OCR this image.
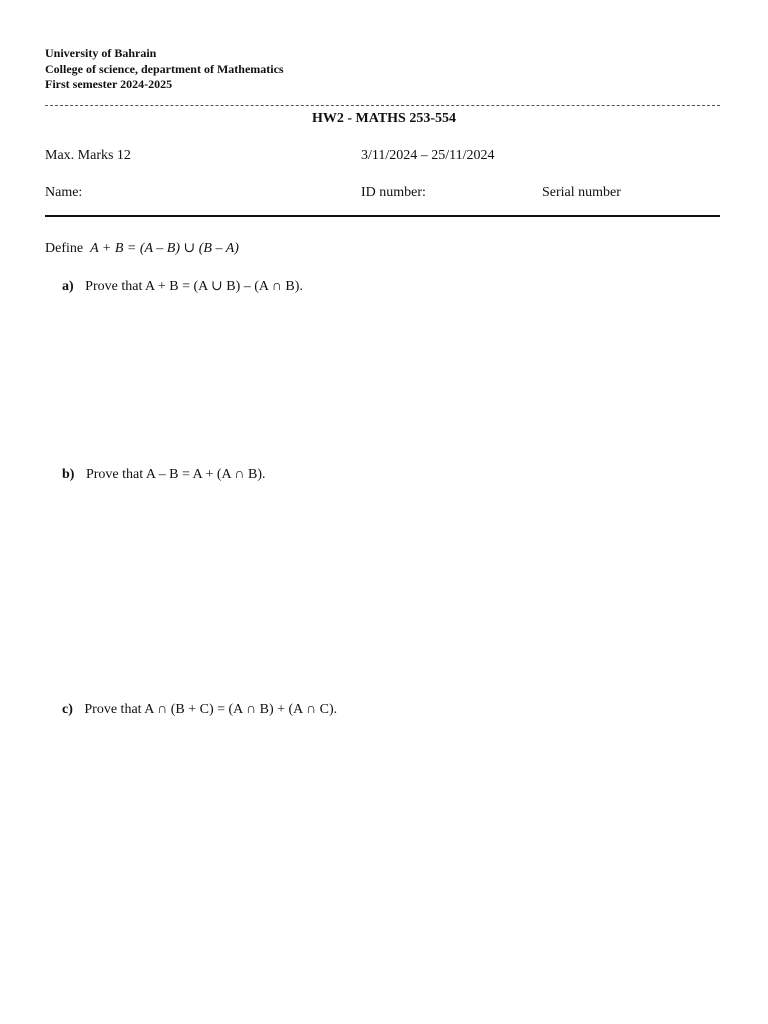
University of Bahrain
College of science, department of Mathematics
First semester 2024-2025
HW2 - MATHS 253-554
Max. Marks 12	3/11/2024 – 25/11/2024
Name:	ID number:	Serial number
Define A + B = (A – B) ∪ (B – A)
a) Prove that A + B = (A ∪ B) – (A ∩ B).
b) Prove that A – B = A + (A ∩ B).
c) Prove that A ∩ (B + C) = (A ∩ B) + (A ∩ C).
